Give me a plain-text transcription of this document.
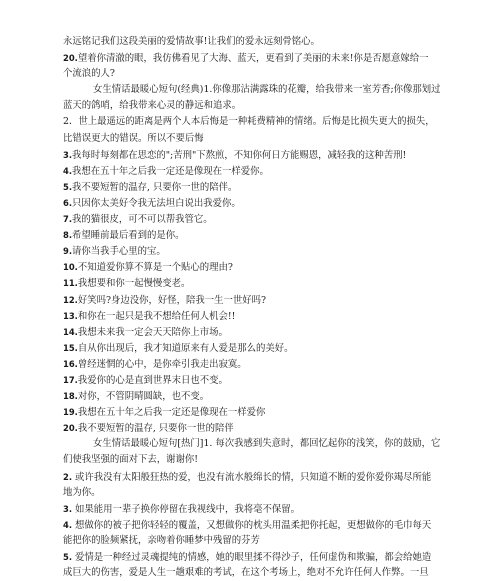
永远铭记我们这段美丽的爱情故事!让我们的爱永远刻骨铭心。
20.望着你清澈的眼，我仿佛看见了大海、蓝天，更看到了美丽的未来!你是否愿意嫁给一
个流浪的人?
女生情话最暖心短句(经典)1.你像那沾满露珠的花瓣，给我带来一室芳香;你像那划过
蓝天的鸽哨，给我带来心灵的静远和追求。
2．世上最遥远的距离是两个人本后悔是一种耗费精神的情绪。后悔是比损失更大的损失，
比错误更大的错误。所以不要后悔
3.我每时每刻都在思恋的";苦刑"下熬煎，不知你何日方能赐恩，减轻我的这种苦刑!
4.我想在五十年之后我一定还是像现在一样爱你。
5.我不要短暂的温存, 只要你一世的陪伴。
6.只因你太美好令我无法坦白说出我爱你。
7.我的猫很皮，可不可以帮我管它。
8.希望睡前最后看到的是你。
9.请你当我手心里的宝。
10.不知道爱你算不算是一个贴心的理由?
11.我想要和你一起慢慢变老。
12.好笑吗?身边没你，好怪，陪我一生一世好吗?
13.和你在一起只是我不想给任何人机会!!
14.我想未来我一定会天天陪你上市场。
15.自从你出现后，我才知道原来有人爱是那么的美好。
16.曾经迷惘的心中，是你牵引我走出寂寞。
17.我爱你的心是直到世界末日也不变。
18.对你，不管阴晴圆缺，也不变。
19.我想在五十年之后我一定还是像现在一样爱你
20.我不要短暂的温存, 只要你一世的陪伴
女生情话最暖心短句[热门]1. 每次我感到失意时，都回忆起你的浅笑，你的鼓励，它
们使我坚强的面对下去，谢谢你!
2. 或许我没有太阳般狂热的爱，也没有流水般绵长的情，只知道不断的爱你爱你竭尽所能
地为你。
3. 如果能用一辈子换你停留在我视线中，我将毫不保留。
4. 想做你的被子把你轻轻的覆盖，又想做你的枕头用温柔把你托起，更想做你的毛巾每天
能把你的脸频紧抚，亲吻着你睡梦中残留的芬芳
5. 爱情是一种经过灵魂提纯的情感，她的眼里揉不得沙子，任何虚伪和欺骗，都会给她造
成巨大的伤害，爱是人生一趟艰难的考试，在这个考场上，绝对不允许任何人作弊。一旦
